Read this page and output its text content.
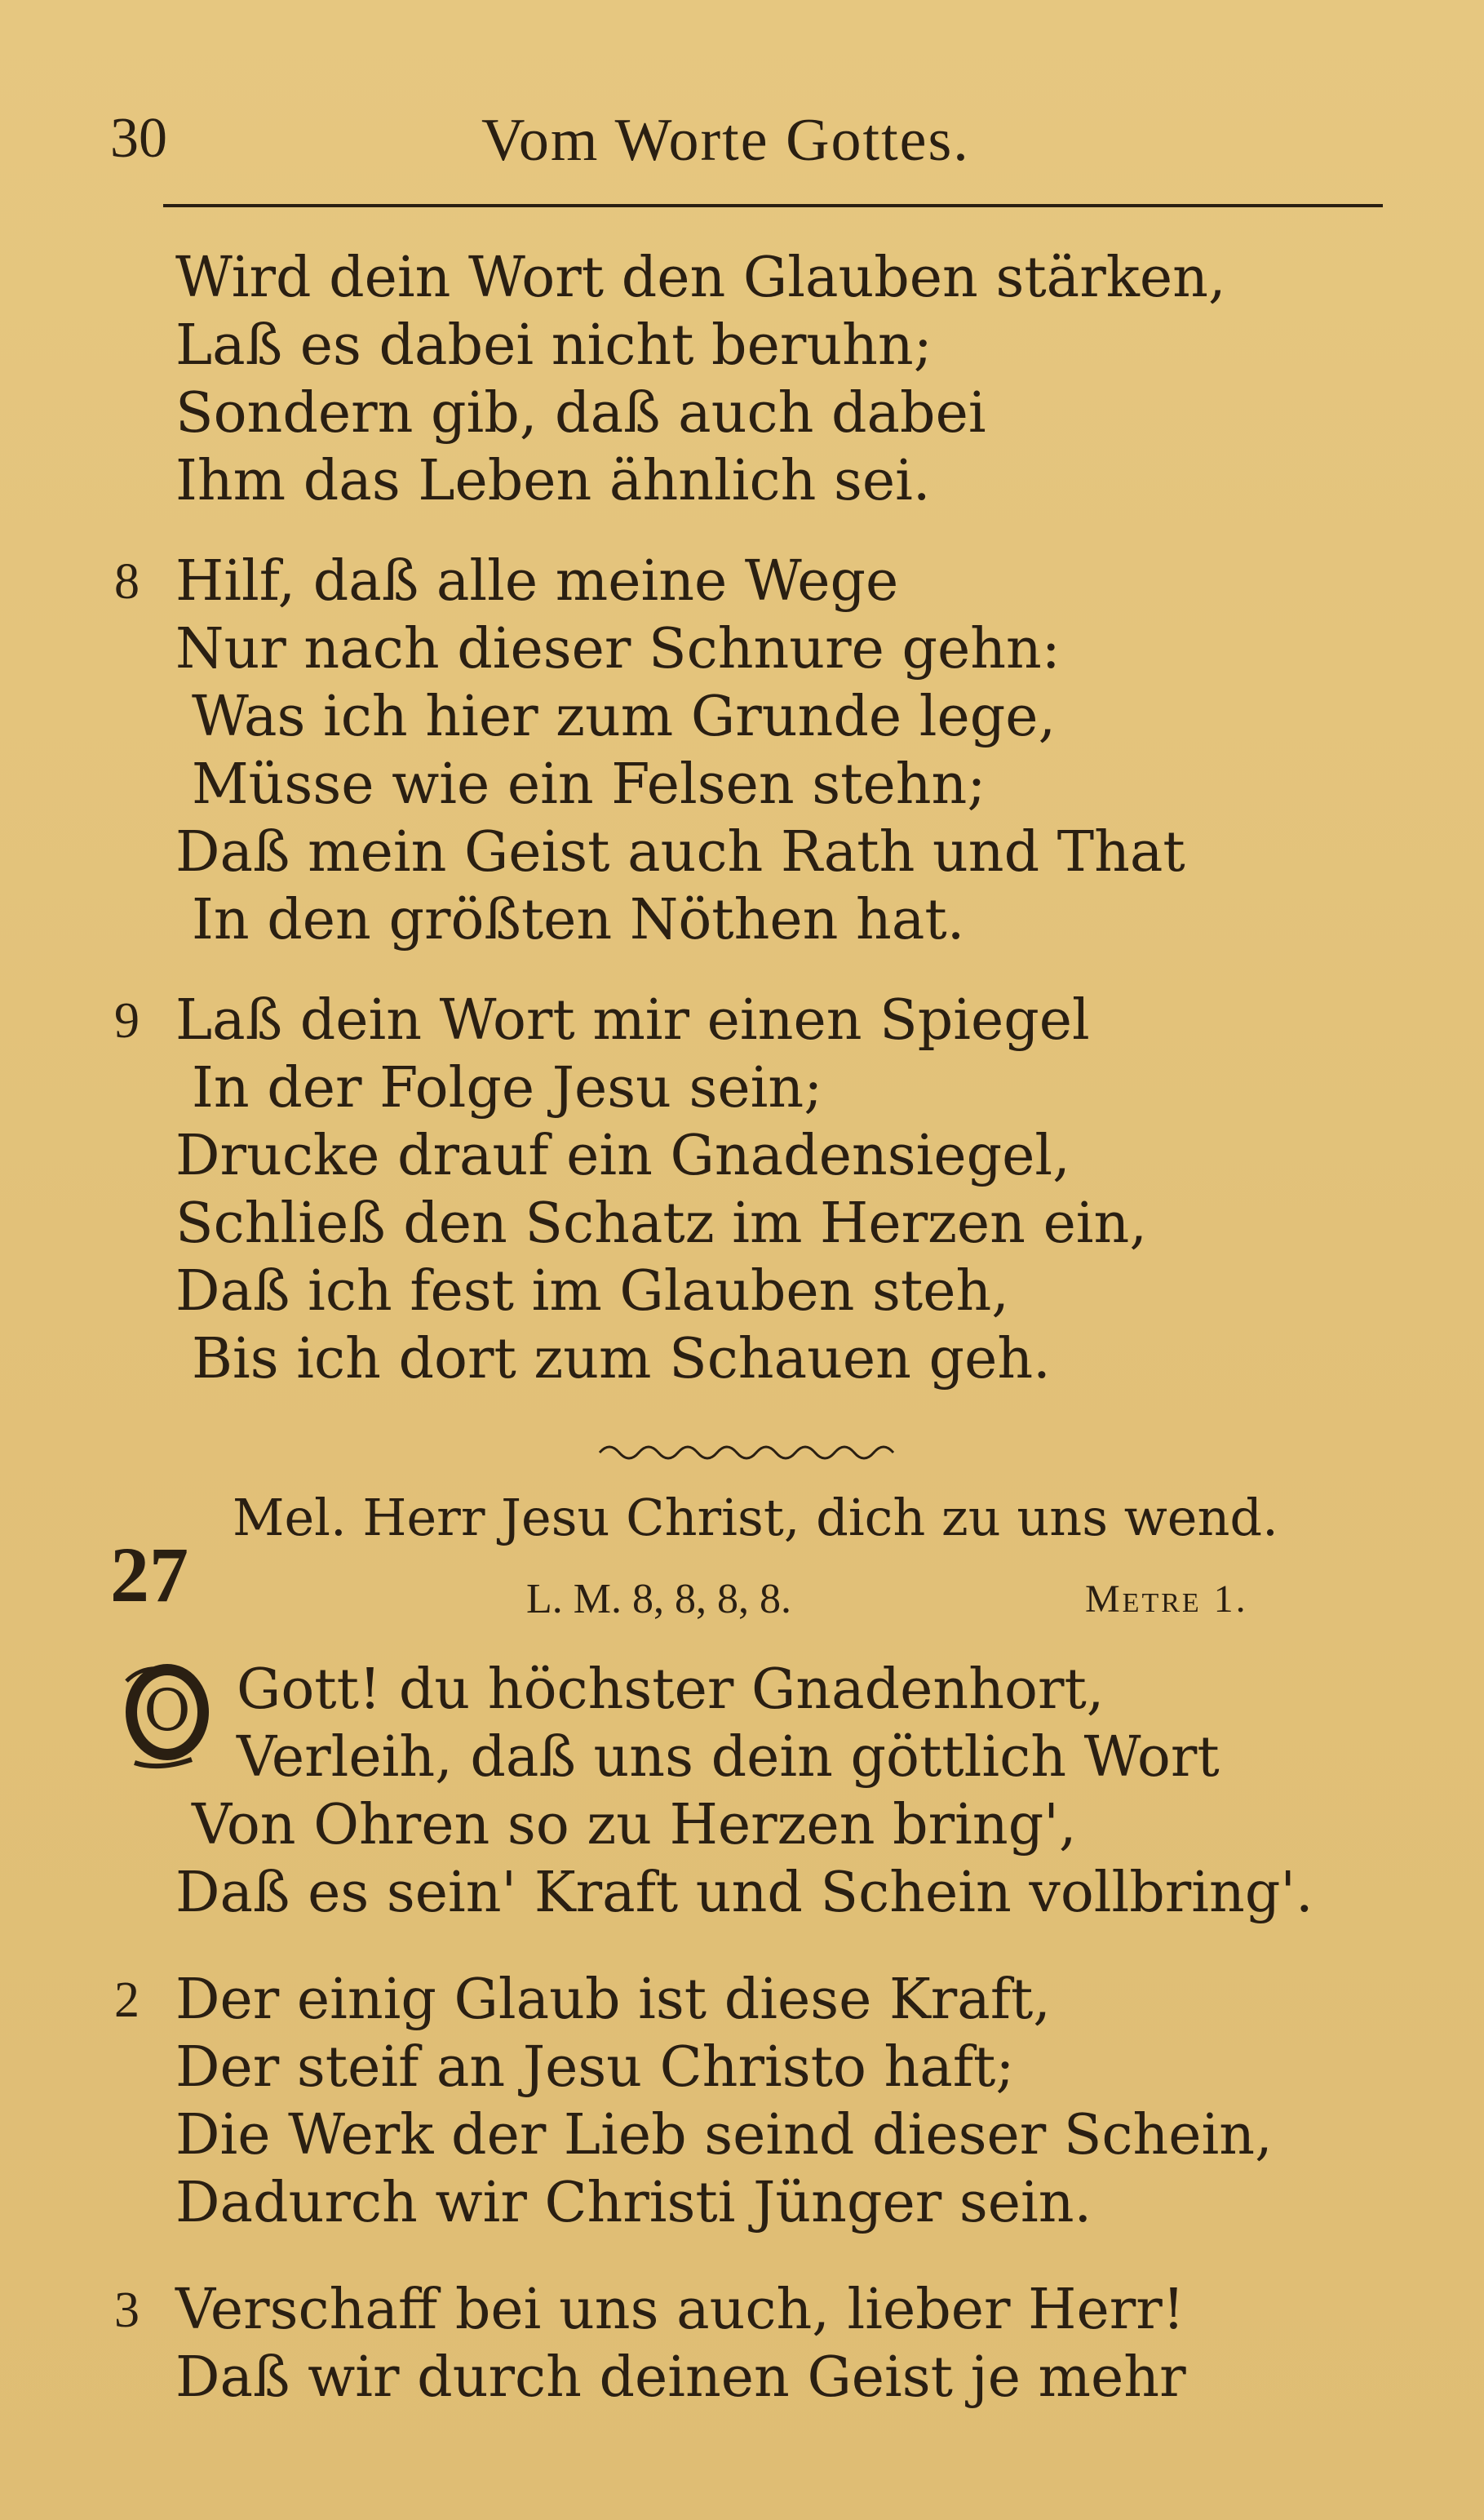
30	Vom Worte Gottes.
Wird dein Wort den Glauben stärken,
Laß es dabei nicht beruhn;
Sondern gib, daß auch dabei
Ihm das Leben ähnlich sei.
8 Hilf, daß alle meine Wege
Nur nach dieser Schnure gehn:
Was ich hier zum Grunde lege,
Müsse wie ein Felsen stehn;
Daß mein Geist auch Rath und That
In den größten Nöthen hat.
9 Laß dein Wort mir einen Spiegel
In der Folge Jesu sein;
Drucke drauf ein Gnadensiegel,
Schließ den Schatz im Herzen ein,
Daß ich fest im Glauben steh,
Bis ich dort zum Schauen geh.
Mel. Herr Jesu Christ, dich zu uns wend.
27	L. M. 8, 8, 8, 8.	Metre 1.
O Gott! du höchster Gnadenhort,
Verleih, daß uns dein göttlich Wort
Von Ohren so zu Herzen bring',
Daß es sein' Kraft und Schein vollbring'.
2 Der einig Glaub ist diese Kraft,
Der steif an Jesu Christo haft;
Die Werk der Lieb seind dieser Schein,
Dadurch wir Christi Jünger sein.
3 Verschaff bei uns auch, lieber Herr!
Daß wir durch deinen Geist je mehr
